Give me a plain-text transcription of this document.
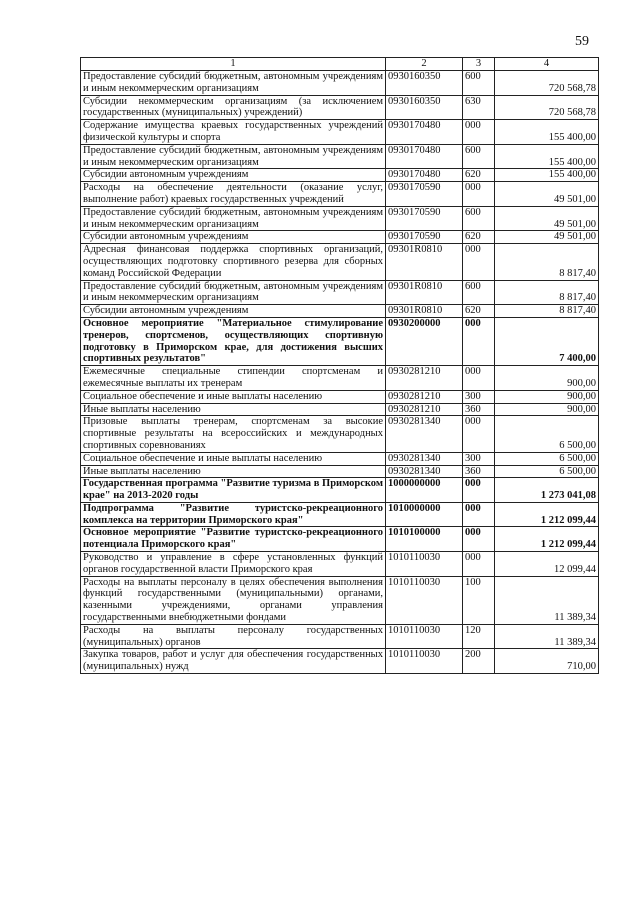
59
1	2	3	4
Предоставление субсидий бюджетным, автономным учреждениям и иным некоммерческим организациям	0930160350	600	720 568,78
Субсидии некоммерческим организациям (за исключением государственных (муниципальных) учреждений)	0930160350	630	720 568,78
Содержание имущества краевых государственных учреждений физической культуры и спорта	0930170480	000	155 400,00
Предоставление субсидий бюджетным, автономным учреждениям и иным некоммерческим организациям	0930170480	600	155 400,00
Субсидии автономным учреждениям	0930170480	620	155 400,00
Расходы на обеспечение деятельности (оказание услуг, выполнение работ) краевых государственных учреждений	0930170590	000	49 501,00
Предоставление субсидий бюджетным, автономным учреждениям и иным некоммерческим организациям	0930170590	600	49 501,00
Субсидии автономным учреждениям	0930170590	620	49 501,00
Адресная финансовая поддержка спортивных организаций, осуществляющих подготовку спортивного резерва для сборных команд Российской Федерации	09301R0810	000	8 817,40
Предоставление субсидий бюджетным, автономным учреждениям и иным некоммерческим организациям	09301R0810	600	8 817,40
Субсидии автономным учреждениям	09301R0810	620	8 817,40
Основное мероприятие "Материальное стимулирование тренеров, спортсменов, осуществляющих спортивную подготовку в Приморском крае, для достижения высших спортивных результатов"	0930200000	000	7 400,00
Ежемесячные специальные стипендии спортсменам и ежемесячные выплаты их тренерам	0930281210	000	900,00
Социальное обеспечение и иные выплаты населению	0930281210	300	900,00
Иные выплаты населению	0930281210	360	900,00
Призовые выплаты тренерам, спортсменам за высокие спортивные результаты на всероссийских и международных спортивных соревнованиях	0930281340	000	6 500,00
Социальное обеспечение и иные выплаты населению	0930281340	300	6 500,00
Иные выплаты населению	0930281340	360	6 500,00
Государственная программа "Развитие туризма в Приморском крае" на 2013-2020 годы	1000000000	000	1 273 041,08
Подпрограмма "Развитие туристско-рекреационного комплекса на территории Приморского края"	1010000000	000	1 212 099,44
Основное мероприятие "Развитие туристско-рекреационного потенциала Приморского края"	1010100000	000	1 212 099,44
Руководство и управление в сфере установленных функций органов государственной власти Приморского края	1010110030	000	12 099,44
Расходы на выплаты персоналу в целях обеспечения выполнения функций государственными (муниципальными) органами, казенными учреждениями, органами управления государственными внебюджетными фондами	1010110030	100	11 389,34
Расходы на выплаты персоналу государственных (муниципальных) органов	1010110030	120	11 389,34
Закупка товаров, работ и услуг для обеспечения государственных (муниципальных) нужд	1010110030	200	710,00
